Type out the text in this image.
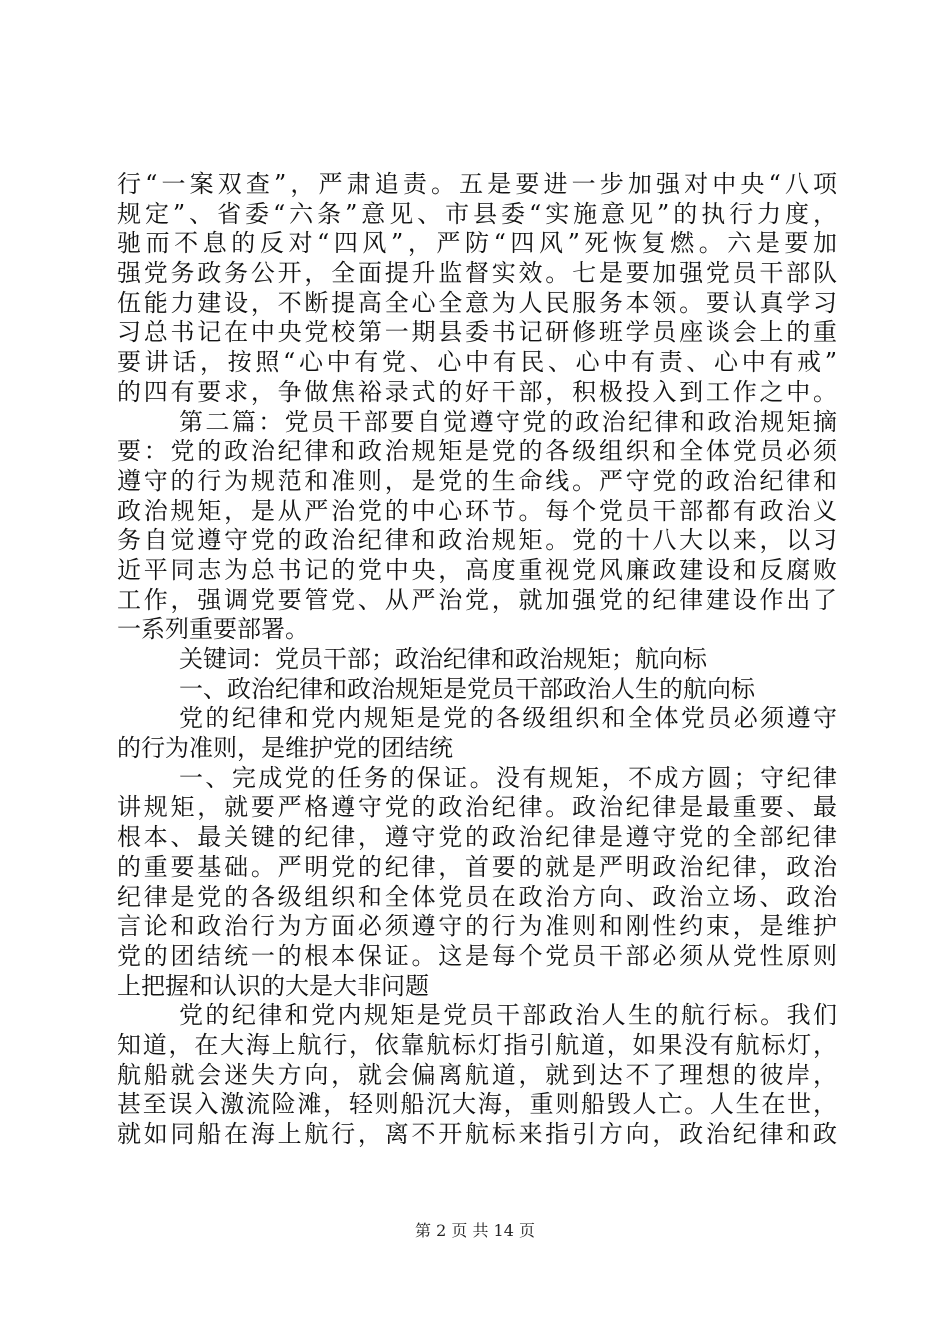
行“一案双查”，严肃追责。五是要进一步加强对中央“八项
规定”、省委“六条”意见、市县委“实施意见”的执行力度，
驰而不息的反对“四风”，严防“四风”死恢复燃。六是要加
强党务政务公开，全面提升监督实效。七是要加强党员干部队
伍能力建设，不断提高全心全意为人民服务本领。要认真学习
习总书记在中央党校第一期县委书记研修班学员座谈会上的重
要讲话，按照“心中有党、心中有民、心中有责、心中有戒”
的四有要求，争做焦裕录式的好干部，积极投入到工作之中。
第二篇：党员干部要自觉遵守党的政治纪律和政治规矩摘
要：党的政治纪律和政治规矩是党的各级组织和全体党员必须
遵守的行为规范和准则，是党的生命线。严守党的政治纪律和
政治规矩，是从严治党的中心环节。每个党员干部都有政治义
务自觉遵守党的政治纪律和政治规矩。党的十八大以来，以习
近平同志为总书记的党中央，高度重视党风廉政建设和反腐败
工作，强调党要管党、从严治党，就加强党的纪律建设作出了
一系列重要部署。
关键词：党员干部；政治纪律和政治规矩；航向标
一、政治纪律和政治规矩是党员干部政治人生的航向标
党的纪律和党内规矩是党的各级组织和全体党员必须遵守
的行为准则，是维护党的团结统
一、完成党的任务的保证。没有规矩，不成方圆；守纪律
讲规矩，就要严格遵守党的政治纪律。政治纪律是最重要、最
根本、最关键的纪律，遵守党的政治纪律是遵守党的全部纪律
的重要基础。严明党的纪律，首要的就是严明政治纪律，政治
纪律是党的各级组织和全体党员在政治方向、政治立场、政治
言论和政治行为方面必须遵守的行为准则和刚性约束，是维护
党的团结统一的根本保证。这是每个党员干部必须从党性原则
上把握和认识的大是大非问题
党的纪律和党内规矩是党员干部政治人生的航行标。我们
知道，在大海上航行，依靠航标灯指引航道，如果没有航标灯，
航船就会迷失方向，就会偏离航道，就到达不了理想的彼岸，
甚至误入激流险滩，轻则船沉大海，重则船毁人亡。人生在世，
就如同船在海上航行，离不开航标来指引方向，政治纪律和政
第 2 页 共 14 页
